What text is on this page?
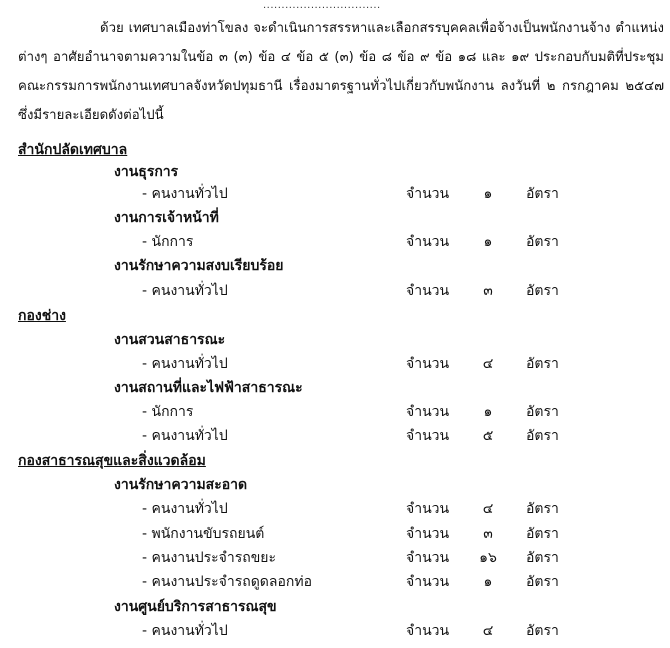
................................

ด้วย เทศบาลเมืองท่าโขลง จะดำเนินการสรรหาและเลือกสรรบุคคลเพื่อจ้างเป็นพนักงานจ้าง ตำแหน่งต่างๆ อาศัยอำนาจตามความในข้อ ๓ (๓) ข้อ ๔ ข้อ ๕ (๓) ข้อ ๘ ข้อ ๙ ข้อ ๑๘ และ ๑๙ ประกอบกับมติที่ประชุมคณะกรรมการพนักงานเทศบาลจังหวัดปทุมธานี เรื่องมาตรฐานทั่วไปเกี่ยวกับพนักงาน ลงวันที่ ๒ กรกฎาคม ๒๕๔๗ ซึ่งมีรายละเอียดดังต่อไปนี้

สำนักปลัดเทศบาล
งานธุรการ
- คนงานทั่วไป	จำนวน	๑	อัตรา
งานการเจ้าหน้าที่
- นักการ	จำนวน	๑	อัตรา
งานรักษาความสงบเรียบร้อย
- คนงานทั่วไป	จำนวน	๓	อัตรา
กองช่าง
งานสวนสาธารณะ
- คนงานทั่วไป	จำนวน	๔	อัตรา
งานสถานที่และไฟฟ้าสาธารณะ
- นักการ	จำนวน	๑	อัตรา
- คนงานทั่วไป	จำนวน	๕	อัตรา
กองสาธารณสุขและสิ่งแวดล้อม
งานรักษาความสะอาด
- คนงานทั่วไป	จำนวน	๔	อัตรา
- พนักงานขับรถยนต์	จำนวน	๓	อัตรา
- คนงานประจำรถขยะ	จำนวน	๑๖	อัตรา
- คนงานประจำรถดูดลอกท่อ	จำนวน	๑	อัตรา
งานศูนย์บริการสาธารณสุข
- คนงานทั่วไป	จำนวน	๔	อัตรา
